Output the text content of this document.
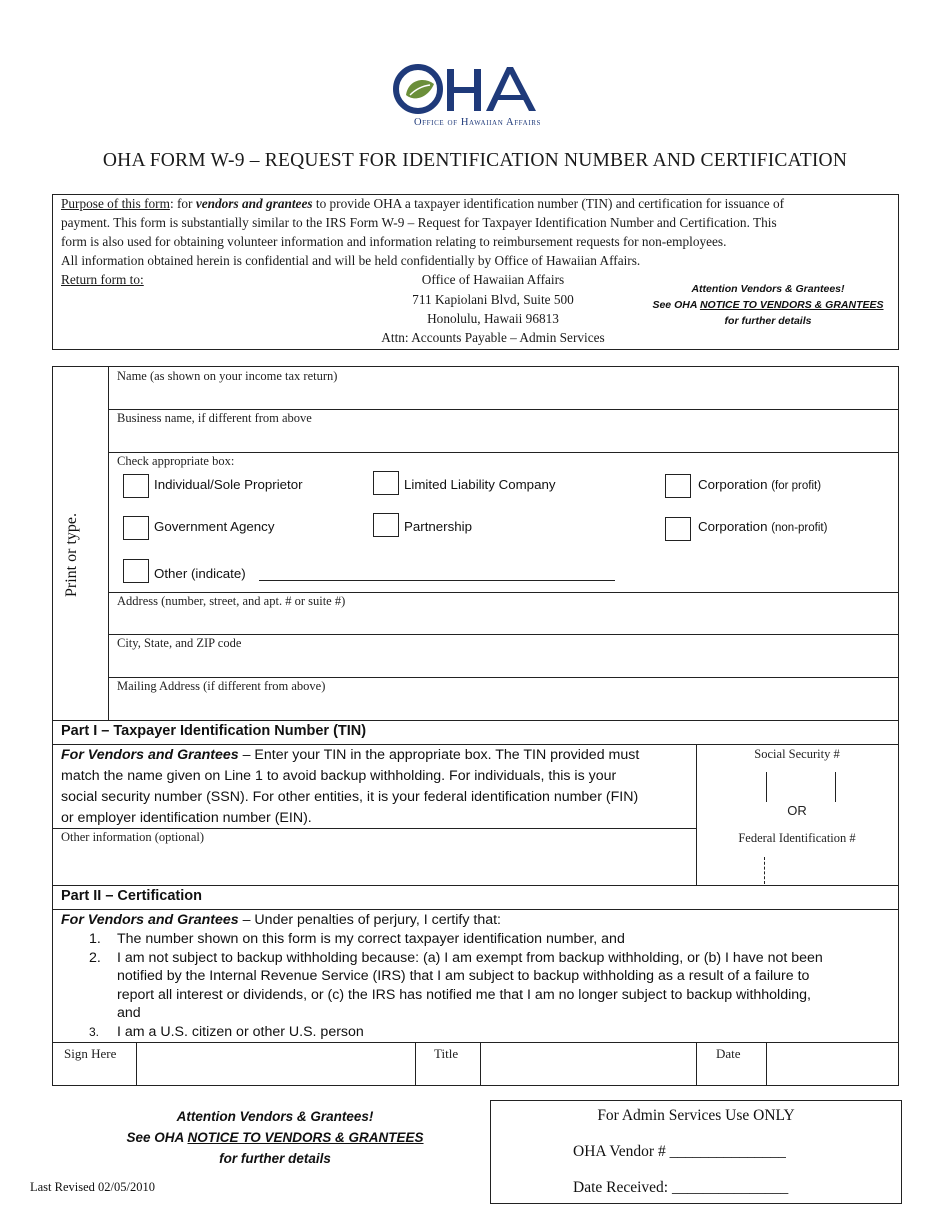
Office of Hawaiian Affairs
OHA FORM W-9 – REQUEST FOR IDENTIFICATION NUMBER AND CERTIFICATION
Purpose of this form: for vendors and grantees to provide OHA a taxpayer identification number (TIN) and certification for issuance of
payment. This form is substantially similar to the IRS Form W-9 – Request for Taxpayer Identification Number and Certification. This
form is also used for obtaining volunteer information and information relating to reimbursement requests for non-employees.
All information obtained herein is confidential and will be held confidentially by Office of Hawaiian Affairs.
Return form to:	Office of Hawaiian Affairs
711 Kapiolani Blvd, Suite 500
Honolulu, Hawaii 96813
Attn: Accounts Payable – Admin Services
Attention Vendors & Grantees!
See OHA NOTICE TO VENDORS & GRANTEES
for further details
Print or type.
Name (as shown on your income tax return)
Business name, if different from above
Check appropriate box:
Individual/Sole Proprietor	Limited Liability Company	Corporation (for profit)
Government Agency	Partnership	Corporation (non-profit)
Other (indicate)
Address (number, street, and apt. # or suite #)
City, State, and ZIP code
Mailing Address (if different from above)
Part I – Taxpayer Identification Number (TIN)
For Vendors and Grantees – Enter your TIN in the appropriate box. The TIN provided must
match the name given on Line 1 to avoid backup withholding. For individuals, this is your
social security number (SSN). For other entities, it is your federal identification number (FIN)
or employer identification number (EIN).
Other information (optional)
Social Security #
OR
Federal Identification #
Part II – Certification
For Vendors and Grantees – Under penalties of perjury, I certify that:
1. The number shown on this form is my correct taxpayer identification number, and
2. I am not subject to backup withholding because: (a) I am exempt from backup withholding, or (b) I have not been
notified by the Internal Revenue Service (IRS) that I am subject to backup withholding as a result of a failure to
report all interest or dividends, or (c) the IRS has notified me that I am no longer subject to backup withholding,
and
3. I am a U.S. citizen or other U.S. person
Sign Here	Title	Date
Attention Vendors & Grantees!
See OHA NOTICE TO VENDORS & GRANTEES
for further details
Last Revised 02/05/2010
For Admin Services Use ONLY
OHA Vendor # _______________
Date Received: _______________
